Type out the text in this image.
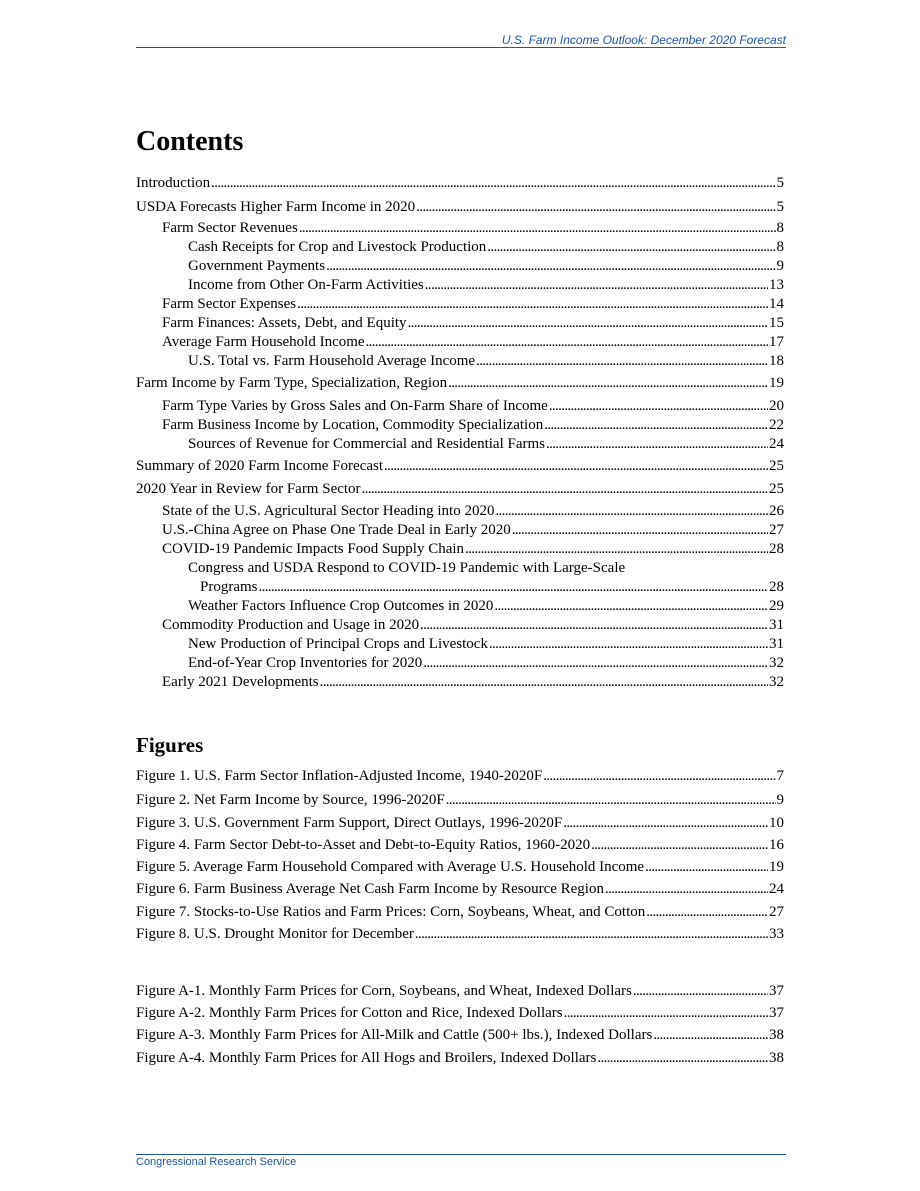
U.S. Farm Income Outlook: December 2020 Forecast
Contents
Introduction . . .	5
USDA Forecasts Higher Farm Income in 2020 . . .	5
Farm Sector Revenues . . .	8
Cash Receipts for Crop and Livestock Production . . .	8
Government Payments . . .	9
Income from Other On-Farm Activities . . .	13
Farm Sector Expenses . . .	14
Farm Finances: Assets, Debt, and Equity . . .	15
Average Farm Household Income . . .	17
U.S. Total vs. Farm Household Average Income . . .	18
Farm Income by Farm Type, Specialization, Region . . .	19
Farm Type Varies by Gross Sales and On-Farm Share of Income . . .	20
Farm Business Income by Location, Commodity Specialization . . .	22
Sources of Revenue for Commercial and Residential Farms . . .	24
Summary of 2020 Farm Income Forecast . . .	25
2020 Year in Review for Farm Sector . . .	25
State of the U.S. Agricultural Sector Heading into 2020 . . .	26
U.S.-China Agree on Phase One Trade Deal in Early 2020 . . .	27
COVID-19 Pandemic Impacts Food Supply Chain . . .	28
Congress and USDA Respond to COVID-19 Pandemic with Large-Scale
Programs . . .	28
Weather Factors Influence Crop Outcomes in 2020 . . .	29
Commodity Production and Usage in 2020 . . .	31
New Production of Principal Crops and Livestock . . .	31
End-of-Year Crop Inventories for 2020 . . .	32
Early 2021 Developments . . .	32
Figures
Figure 1. U.S. Farm Sector Inflation-Adjusted Income, 1940-2020F . . .	7
Figure 2. Net Farm Income by Source, 1996-2020F . . .	9
Figure 3. U.S. Government Farm Support, Direct Outlays, 1996-2020F . . .	10
Figure 4. Farm Sector Debt-to-Asset and Debt-to-Equity Ratios, 1960-2020 . . .	16
Figure 5. Average Farm Household Compared with Average U.S. Household Income . . .	19
Figure 6. Farm Business Average Net Cash Farm Income by Resource Region . . .	24
Figure 7. Stocks-to-Use Ratios and Farm Prices: Corn, Soybeans, Wheat, and Cotton . . .	27
Figure 8. U.S. Drought Monitor for December . . .	33
Figure A-1. Monthly Farm Prices for Corn, Soybeans, and Wheat, Indexed Dollars . . .	37
Figure A-2. Monthly Farm Prices for Cotton and Rice, Indexed Dollars . . .	37
Figure A-3. Monthly Farm Prices for All-Milk and Cattle (500+ lbs.), Indexed Dollars . . .	38
Figure A-4. Monthly Farm Prices for All Hogs and Broilers, Indexed Dollars . . .	38
Congressional Research Service
